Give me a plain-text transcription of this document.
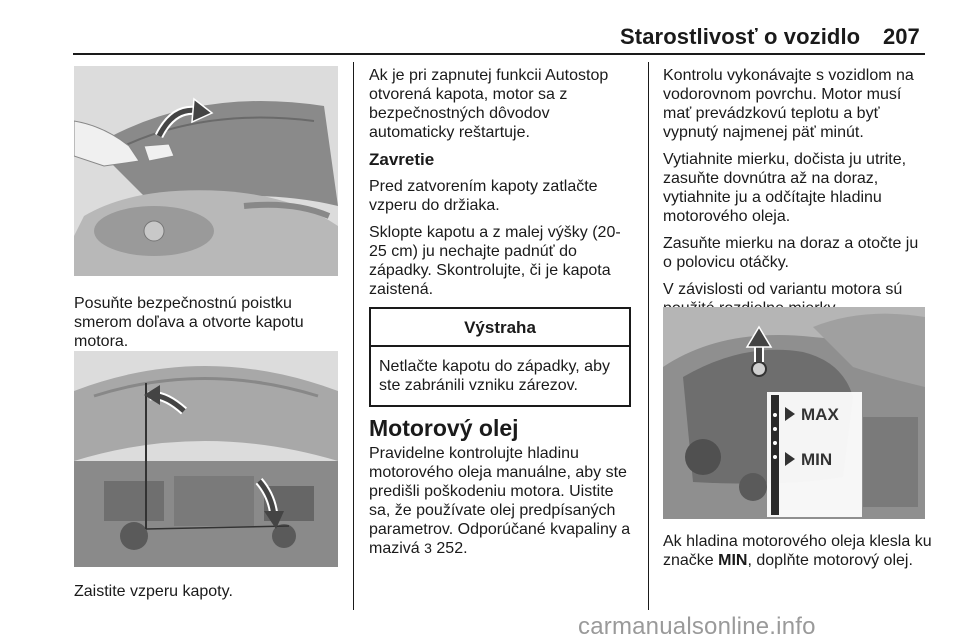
Starostlivosť o vozidlo 207
Posuňte bezpečnostnú poistku smerom doľava a otvorte kapotu motora.
Zaistite vzperu kapoty.

Ak je pri zapnutej funkcii Autostop otvorená kapota, motor sa z bezpečnostných dôvodov automaticky reštartuje.

Zavretie

Pred zatvorením kapoty zatlačte vzperu do držiaka.

Sklopte kapotu a z malej výšky (20-25 cm) ju nechajte padnúť do západky. Skontrolujte, či je kapota zaistená.

Výstraha
Netlačte kapotu do západky, aby ste zabránili vzniku zárezov.
Motorový olej

Pravidelne kontrolujte hladinu motorového oleja manuálne, aby ste predišli poškodeniu motora. Uistite sa, že používate olej predpísaných parametrov. Odporúčané kvapaliny a mazivá 3 252.

Kontrolu vykonávajte s vozidlom na vodorovnom povrchu. Motor musí mať prevádzkovú teplotu a byť vypnutý najmenej päť minút.

Vytiahnite mierku, dočista ju utrite, zasuňte dovnútra až na doraz, vytiahnite ju a odčítajte hladinu motorového oleja.

Zasuňte mierku na doraz a otočte ju o polovicu otáčky.

V závislosti od variantu motora sú

MAX
MIN
Ak hladina motorového oleja klesla ku značke MIN, doplňte motorový olej.
carmanualsonline.info
